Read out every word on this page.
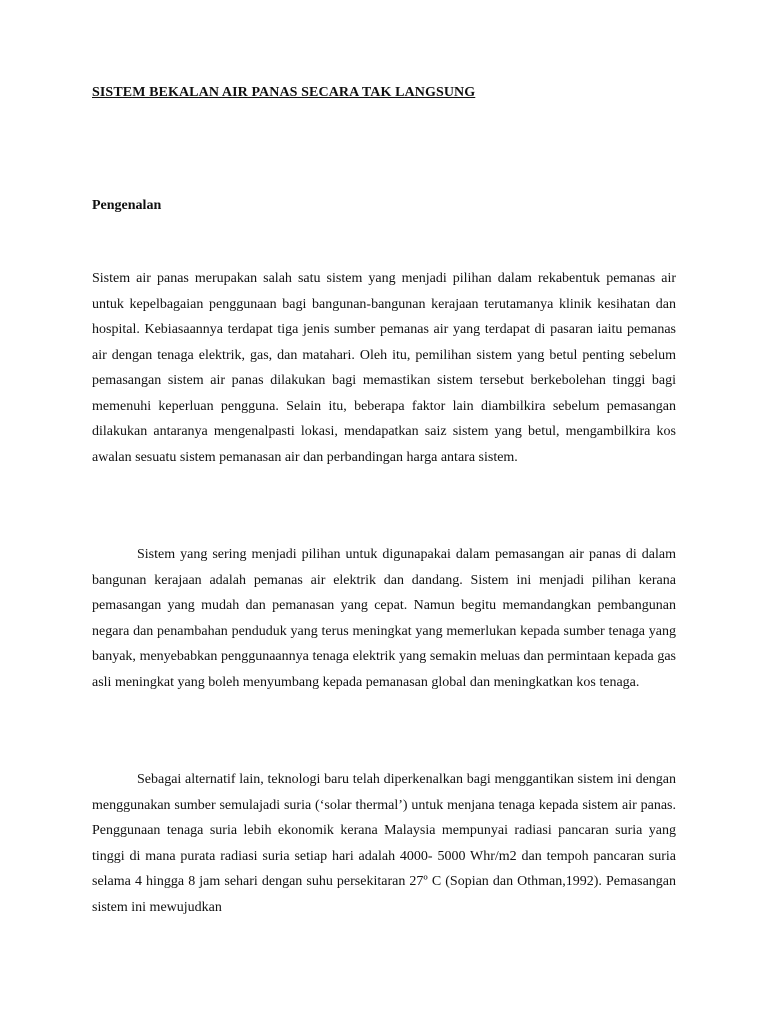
SISTEM BEKALAN AIR PANAS SECARA TAK LANGSUNG
Pengenalan

Sistem air panas merupakan salah satu sistem yang menjadi pilihan dalam rekabentuk pemanas air untuk kepelbagaian penggunaan bagi bangunan-bangunan kerajaan terutamanya klinik kesihatan dan hospital. Kebiasaannya terdapat tiga jenis sumber pemanas air yang terdapat di pasaran iaitu pemanas air dengan tenaga elektrik, gas, dan matahari. Oleh itu, pemilihan sistem yang betul penting sebelum pemasangan sistem air panas dilakukan bagi memastikan sistem tersebut berkebolehan tinggi bagi memenuhi keperluan pengguna. Selain itu, beberapa faktor lain diambilkira sebelum pemasangan dilakukan antaranya mengenalpasti lokasi, mendapatkan saiz sistem yang betul, mengambilkira kos awalan sesuatu sistem pemanasan air dan perbandingan harga antara sistem.

Sistem yang sering menjadi pilihan untuk digunapakai dalam pemasangan air panas di dalam bangunan kerajaan adalah pemanas air elektrik dan dandang. Sistem ini menjadi pilihan kerana pemasangan yang mudah dan pemanasan yang cepat. Namun begitu memandangkan pembangunan negara dan penambahan penduduk yang terus meningkat yang memerlukan kepada sumber tenaga yang banyak, menyebabkan penggunaannya tenaga elektrik yang semakin meluas dan permintaan kepada gas asli meningkat yang boleh menyumbang kepada pemanasan global dan meningkatkan kos tenaga.

Sebagai alternatif lain, teknologi baru telah diperkenalkan bagi menggantikan sistem ini dengan menggunakan sumber semulajadi suria (‘solar thermal’) untuk menjana tenaga kepada sistem air panas. Penggunaan tenaga suria lebih ekonomik kerana Malaysia mempunyai radiasi pancaran suria yang tinggi di mana purata radiasi suria setiap hari adalah 4000- 5000 Whr/m2 dan tempoh pancaran suria selama 4 hingga 8 jam sehari dengan suhu persekitaran 27º C (Sopian dan Othman,1992). Pemasangan sistem ini mewujudkan
